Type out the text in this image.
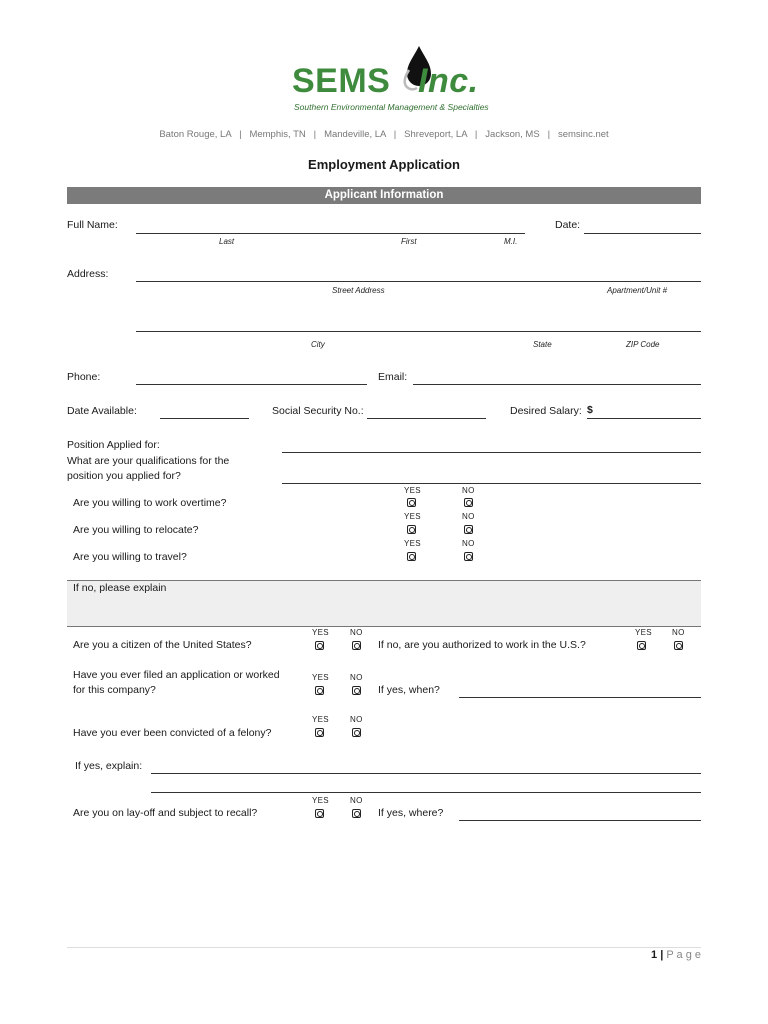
SEMS Inc.
Southern Environmental Management & Specialties
Baton Rouge, LA   |   Memphis, TN   |   Mandeville, LA   |   Shreveport, LA   |   Jackson, MS   |   semsinc.net
Employment Application
Applicant Information
Full Name:
Last	First	M.I.
Date:
Address:
Street Address	Apartment/Unit #
City	State	ZIP Code
Phone:	Email:
Date Available:	Social Security No.:	Desired Salary: $
Position Applied for:
What are your qualifications for the
position you applied for?
YES	NO
Are you willing to work overtime?
YES	NO
Are you willing to relocate?
YES	NO
Are you willing to travel?
If no, please explain
YES	NO
Are you a citizen of the United States?	If no, are you authorized to work in the U.S.?
YES	NO
Have you ever filed an application or worked
for this company?
YES	NO
If yes, when?
YES	NO
Have you ever been convicted of a felony?
If yes, explain:
YES	NO
Are you on lay-off and subject to recall?	If yes, where?
1 | P a g e
